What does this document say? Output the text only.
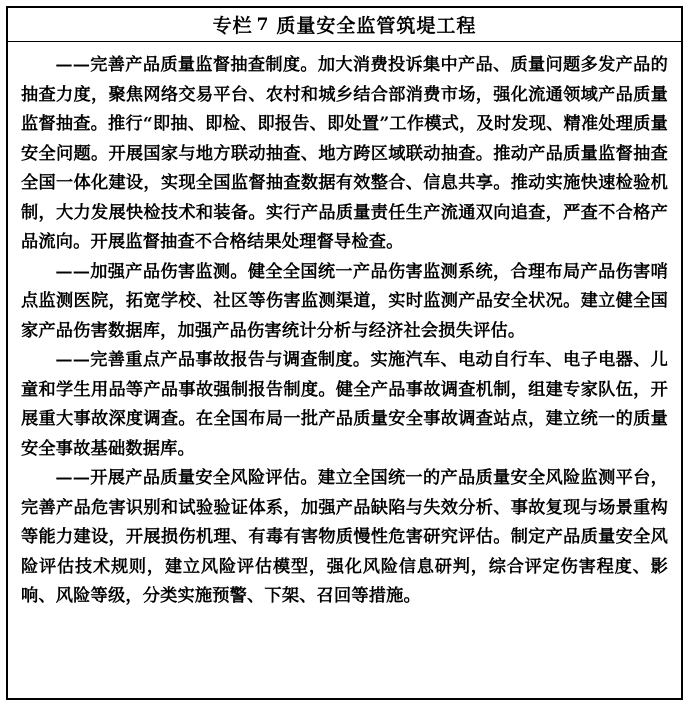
专栏 7 质量安全监管筑堤工程

——完善产品质量监督抽查制度。加大消费投诉集中产品、质量问题多发产品的抽查力度，聚焦网络交易平台、农村和城乡结合部消费市场，强化流通领域产品质量监督抽查。推行“即抽、即检、即报告、即处置”工作模式，及时发现、精准处理质量安全问题。开展国家与地方联动抽查、地方跨区域联动抽查。推动产品质量监督抽查全国一体化建设，实现全国监督抽查数据有效整合、信息共享。推动实施快速检验机制，大力发展快检技术和装备。实行产品质量责任生产流通双向追查，严查不合格产品流向。开展监督抽查不合格结果处理督导检查。

——加强产品伤害监测。健全全国统一产品伤害监测系统，合理布局产品伤害哨点监测医院，拓宽学校、社区等伤害监测渠道，实时监测产品安全状况。建立健全国家产品伤害数据库，加强产品伤害统计分析与经济社会损失评估。

——完善重点产品事故报告与调查制度。实施汽车、电动自行车、电子电器、儿童和学生用品等产品事故强制报告制度。健全产品事故调查机制，组建专家队伍，开展重大事故深度调查。在全国布局一批产品质量安全事故调查站点，建立统一的质量安全事故基础数据库。

——开展产品质量安全风险评估。建立全国统一的产品质量安全风险监测平台，完善产品危害识别和试验验证体系，加强产品缺陷与失效分析、事故复现与场景重构等能力建设，开展损伤机理、有毒有害物质慢性危害研究评估。制定产品质量安全风险评估技术规则，建立风险评估模型，强化风险信息研判，综合评定伤害程度、影响、风险等级，分类实施预警、下架、召回等措施。
